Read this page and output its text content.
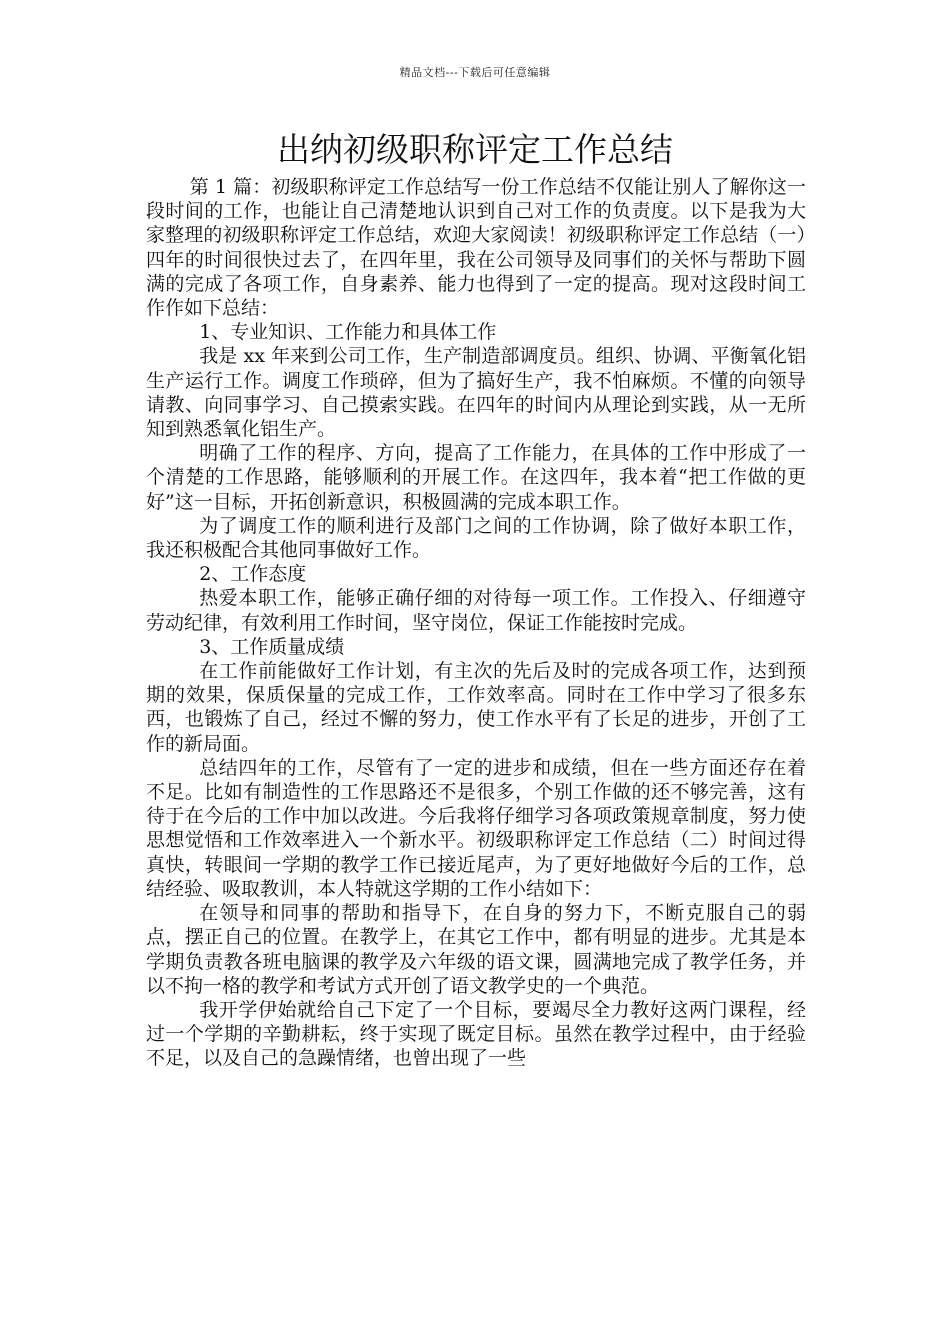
精品文档---下载后可任意编辑
出纳初级职称评定工作总结

第 1 篇：初级职称评定工作总结写一份工作总结不仅能让别人了解你这一段时间的工作，也能让自己清楚地认识到自己对工作的负责度。以下是我为大家整理的初级职称评定工作总结，欢迎大家阅读！初级职称评定工作总结（一）四年的时间很快过去了，在四年里，我在公司领导及同事们的关怀与帮助下圆满的完成了各项工作，自身素养、能力也得到了一定的提高。现对这段时间工作作如下总结：

1、专业知识、工作能力和具体工作

我是 xx 年来到公司工作，生产制造部调度员。组织、协调、平衡氧化铝生产运行工作。调度工作琐碎，但为了搞好生产，我不怕麻烦。不懂的向领导请教、向同事学习、自己摸索实践。在四年的时间内从理论到实践，从一无所知到熟悉氧化铝生产。

明确了工作的程序、方向，提高了工作能力，在具体的工作中形成了一个清楚的工作思路，能够顺利的开展工作。在这四年，我本着“把工作做的更好”这一目标，开拓创新意识，积极圆满的完成本职工作。

为了调度工作的顺利进行及部门之间的工作协调，除了做好本职工作，我还积极配合其他同事做好工作。

2、工作态度

热爱本职工作，能够正确仔细的对待每一项工作。工作投入、仔细遵守劳动纪律，有效利用工作时间，坚守岗位，保证工作能按时完成。

3、工作质量成绩

在工作前能做好工作计划，有主次的先后及时的完成各项工作，达到预期的效果，保质保量的完成工作，工作效率高。同时在工作中学习了很多东西，也锻炼了自己，经过不懈的努力，使工作水平有了长足的进步，开创了工作的新局面。

总结四年的工作，尽管有了一定的进步和成绩，但在一些方面还存在着不足。比如有制造性的工作思路还不是很多，个别工作做的还不够完善，这有待于在今后的工作中加以改进。今后我将仔细学习各项政策规章制度，努力使思想觉悟和工作效率进入一个新水平。初级职称评定工作总结（二）时间过得真快，转眼间一学期的教学工作已接近尾声，为了更好地做好今后的工作，总结经验、吸取教训，本人特就这学期的工作小结如下：

在领导和同事的帮助和指导下，在自身的努力下，不断克服自己的弱点，摆正自己的位置。在教学上，在其它工作中，都有明显的进步。尤其是本学期负责教各班电脑课的教学及六年级的语文课，圆满地完成了教学任务，并以不拘一格的教学和考试方式开创了语文教学史的一个典范。

我开学伊始就给自己下定了一个目标，要竭尽全力教好这两门课程，经过一个学期的辛勤耕耘，终于实现了既定目标。虽然在教学过程中，由于经验不足，以及自己的急躁情绪，也曾出现了一些
